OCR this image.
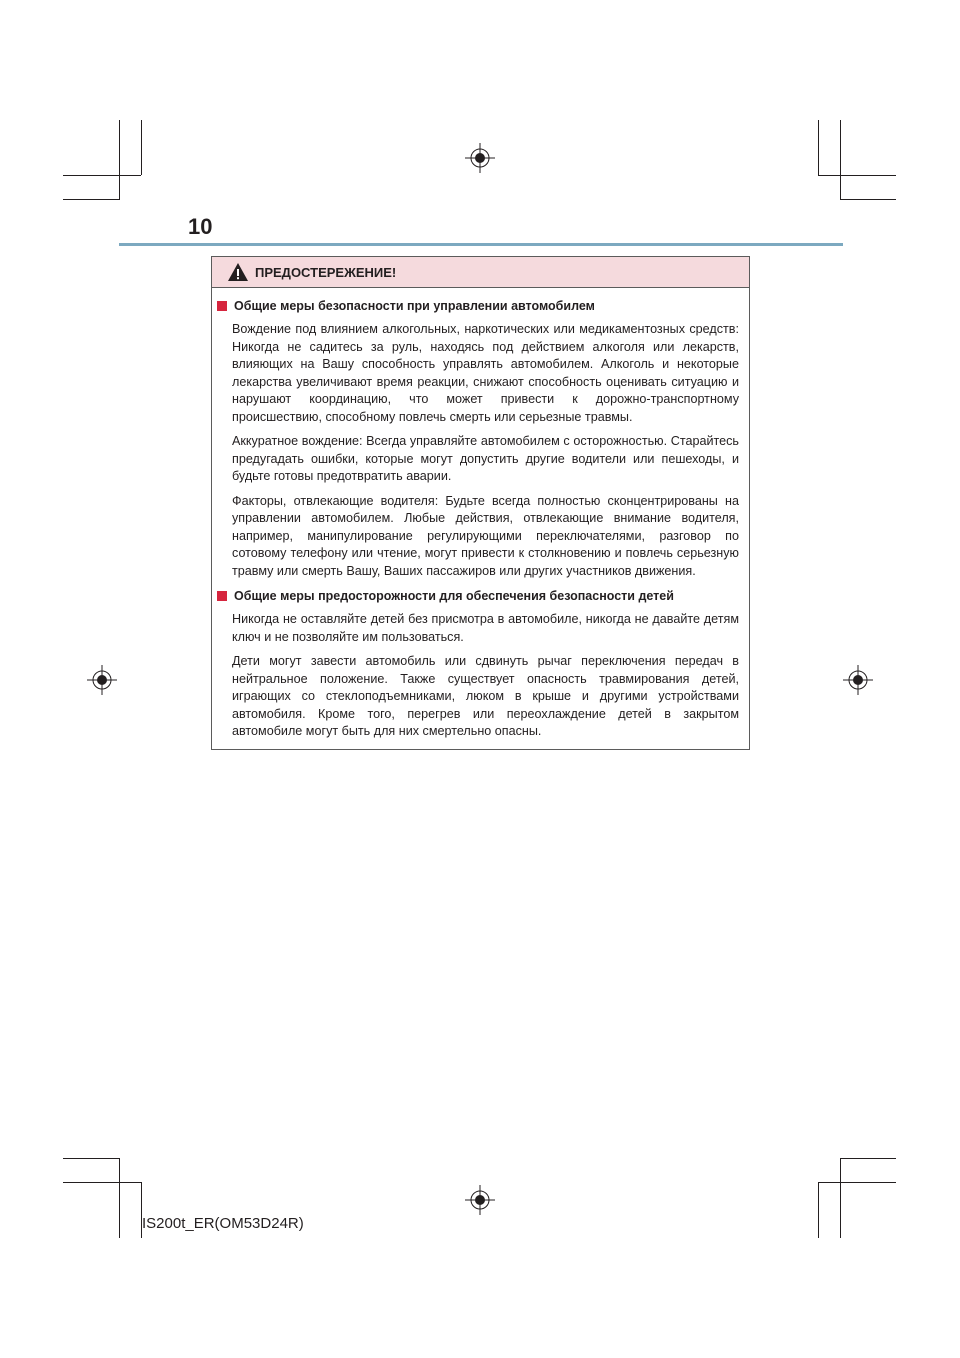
10
ПРЕДОСТЕРЕЖЕНИЕ!
Общие меры безопасности при управлении автомобилем

Вождение под влиянием алкогольных, наркотических или медикаментозных средств: Никогда не садитесь за руль, находясь под действием алкоголя или лекарств, влияющих на Вашу способность управлять автомобилем. Алкоголь и некоторые лекарства увеличивают время реакции, снижают способность оценивать ситуацию и нарушают координацию, что может привести к дорожно-транспортному происшествию, способному повлечь смерть или серьезные травмы.

Аккуратное вождение: Всегда управляйте автомобилем с осторожностью. Старайтесь предугадать ошибки, которые могут допустить другие водители или пешеходы, и будьте готовы предотвратить аварии.

Факторы, отвлекающие водителя: Будьте всегда полностью сконцентрированы на управлении автомобилем. Любые действия, отвлекающие внимание водителя, например, манипулирование регулирующими переключателями, разговор по сотовому телефону или чтение, могут привести к столкновению и повлечь серьезную травму или смерть Вашу, Ваших пассажиров или других участников движения.

Общие меры предосторожности для обеспечения безопасности детей

Никогда не оставляйте детей без присмотра в автомобиле, никогда не давайте детям ключ и не позволяйте им пользоваться.

Дети могут завести автомобиль или сдвинуть рычаг переключения передач в нейтральное положение. Также существует опасность травмирования детей, играющих со стеклоподъемниками, люком в крыше и другими устройствами автомобиля. Кроме того, перегрев или переохлаждение детей в закрытом автомобиле могут быть для них смертельно опасны.

IS200t_ER(OM53D24R)
